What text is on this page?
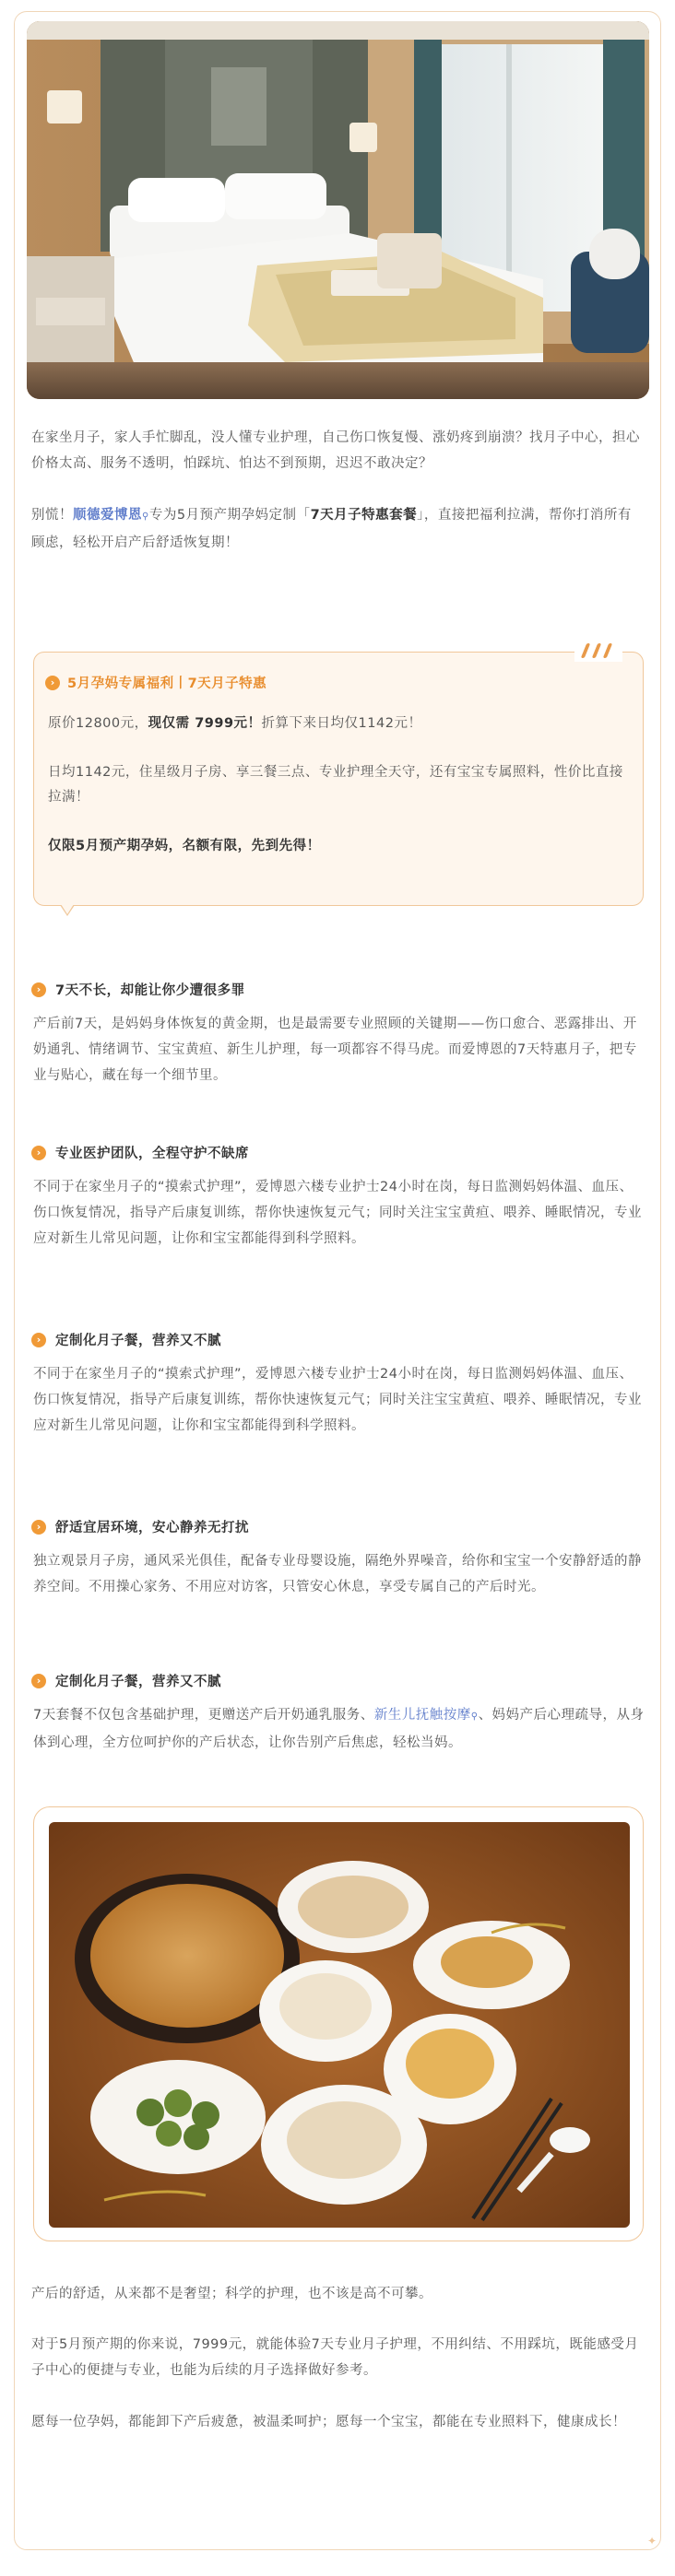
在家坐月子，家人手忙脚乱，没人懂专业护理，自己伤口恢复慢、涨奶疼到崩溃？找月子中心，担心价格太高、服务不透明，怕踩坑、怕达不到预期，迟迟不敢决定？

别慌！顺德爱博恩⚲专为5月预产期孕妈定制「7天月子特惠套餐」，直接把福利拉满，帮你打消所有顾虑，轻松开启产后舒适恢复期！

› 5月孕妈专属福利丨7天月子特惠

原价12800元，现仅需 7999元！折算下来日均仅1142元！

日均1142元，住星级月子房、享三餐三点、专业护理全天守，还有宝宝专属照料，性价比直接拉满！

仅限5月预产期孕妈，名额有限，先到先得！

›	7天不长，却能让你少遭很多罪

产后前7天，是妈妈身体恢复的黄金期，也是最需要专业照顾的关键期——伤口愈合、恶露排出、开奶通乳、情绪调节、宝宝黄疸、新生儿护理，每一项都容不得马虎。而爱博恩的7天特惠月子，把专业与贴心，藏在每一个细节里。

›	专业医护团队，全程守护不缺席

不同于在家坐月子的“摸索式护理”，爱博恩六楼专业护士24小时在岗，每日监测妈妈体温、血压、伤口恢复情况，指导产后康复训练，帮你快速恢复元气；同时关注宝宝黄疸、喂养、睡眠情况，专业应对新生儿常见问题，让你和宝宝都能得到科学照料。

›	定制化月子餐，营养又不腻

不同于在家坐月子的“摸索式护理”，爱博恩六楼专业护士24小时在岗，每日监测妈妈体温、血压、伤口恢复情况，指导产后康复训练，帮你快速恢复元气；同时关注宝宝黄疸、喂养、睡眠情况，专业应对新生儿常见问题，让你和宝宝都能得到科学照料。

›	舒适宜居环境，安心静养无打扰

独立观景月子房，通风采光俱佳，配备专业母婴设施，隔绝外界噪音，给你和宝宝一个安静舒适的静养空间。不用操心家务、不用应对访客，只管安心休息，享受专属自己的产后时光。

›	定制化月子餐，营养又不腻

7天套餐不仅包含基础护理，更赠送产后开奶通乳服务、新生儿抚触按摩⚲、妈妈产后心理疏导，从身体到心理，全方位呵护你的产后状态，让你告别产后焦虑，轻松当妈。

产后的舒适，从来都不是奢望；科学的护理，也不该是高不可攀。

对于5月预产期的你来说，7999元，就能体验7天专业月子护理，不用纠结、不用踩坑，既能感受月子中心的便捷与专业，也能为后续的月子选择做好参考。

愿每一位孕妈，都能卸下产后疲惫，被温柔呵护；愿每一个宝宝，都能在专业照料下，健康成长！

✦
